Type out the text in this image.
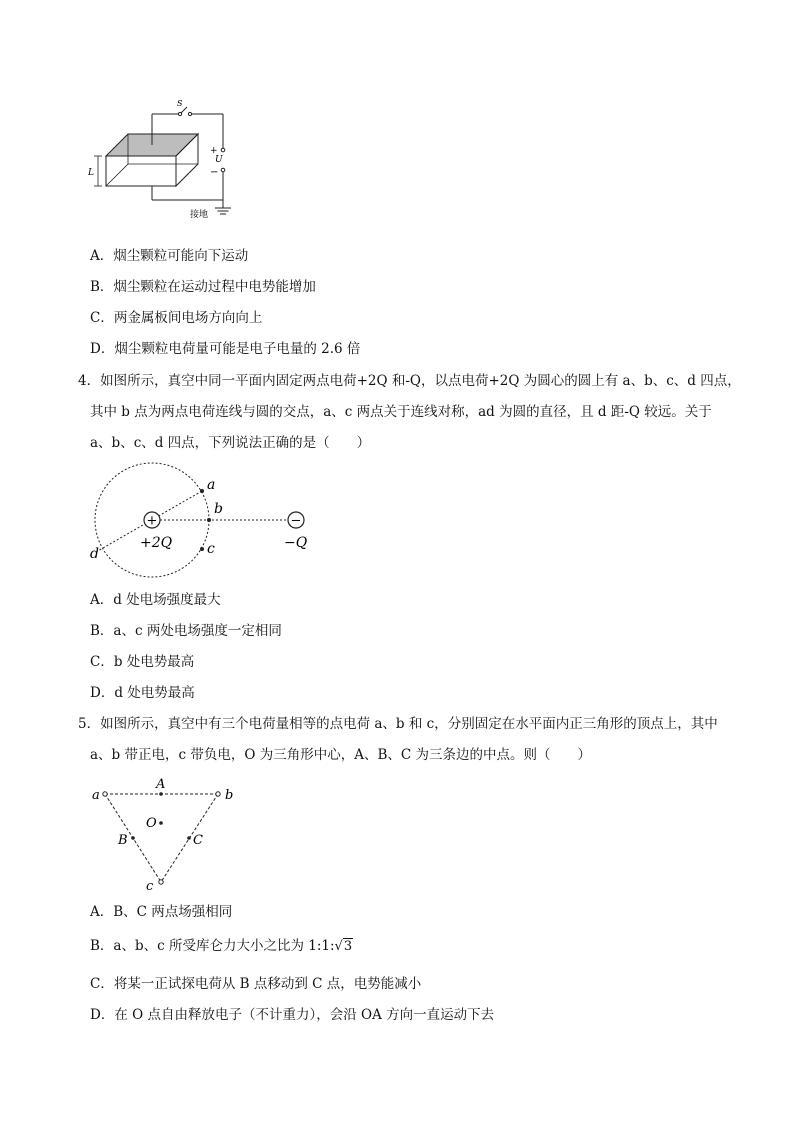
S
+
U
−
L
接地
A．烟尘颗粒可能向下运动
B．烟尘颗粒在运动过程中电势能增加
C．两金属板间电场方向向上
D．烟尘颗粒电荷量可能是电子电量的 2.6 倍
4．如图所示，真空中同一平面内固定两点电荷+2Q 和-Q，以点电荷+2Q 为圆心的圆上有 a、b、c、d 四点，
其中 b 点为两点电荷连线与圆的交点，a、c 两点关于连线对称，ad 为圆的直径，且 d 距-Q 较远。关于
a、b、c、d 四点，下列说法正确的是（　　）
+	−
a
b
c
d
+2Q	−Q
A．d 处电场强度最大
B．a、c 两处电场强度一定相同
C．b 处电势最高
D．d 处电势最高
5．如图所示，真空中有三个电荷量相等的点电荷 a、b 和 c，分别固定在水平面内正三角形的顶点上，其中
a、b 带正电，c 带负电，O 为三角形中心，A、B、C 为三条边的中点。则（　　）
a	b
c
A
B	C
O
A．B、C 两点场强相同
B．a、b、c 所受库仑力大小之比为 1:1:√3
C．将某一正试探电荷从 B 点移动到 C 点，电势能减小
D．在 O 点自由释放电子（不计重力），会沿 OA 方向一直运动下去
